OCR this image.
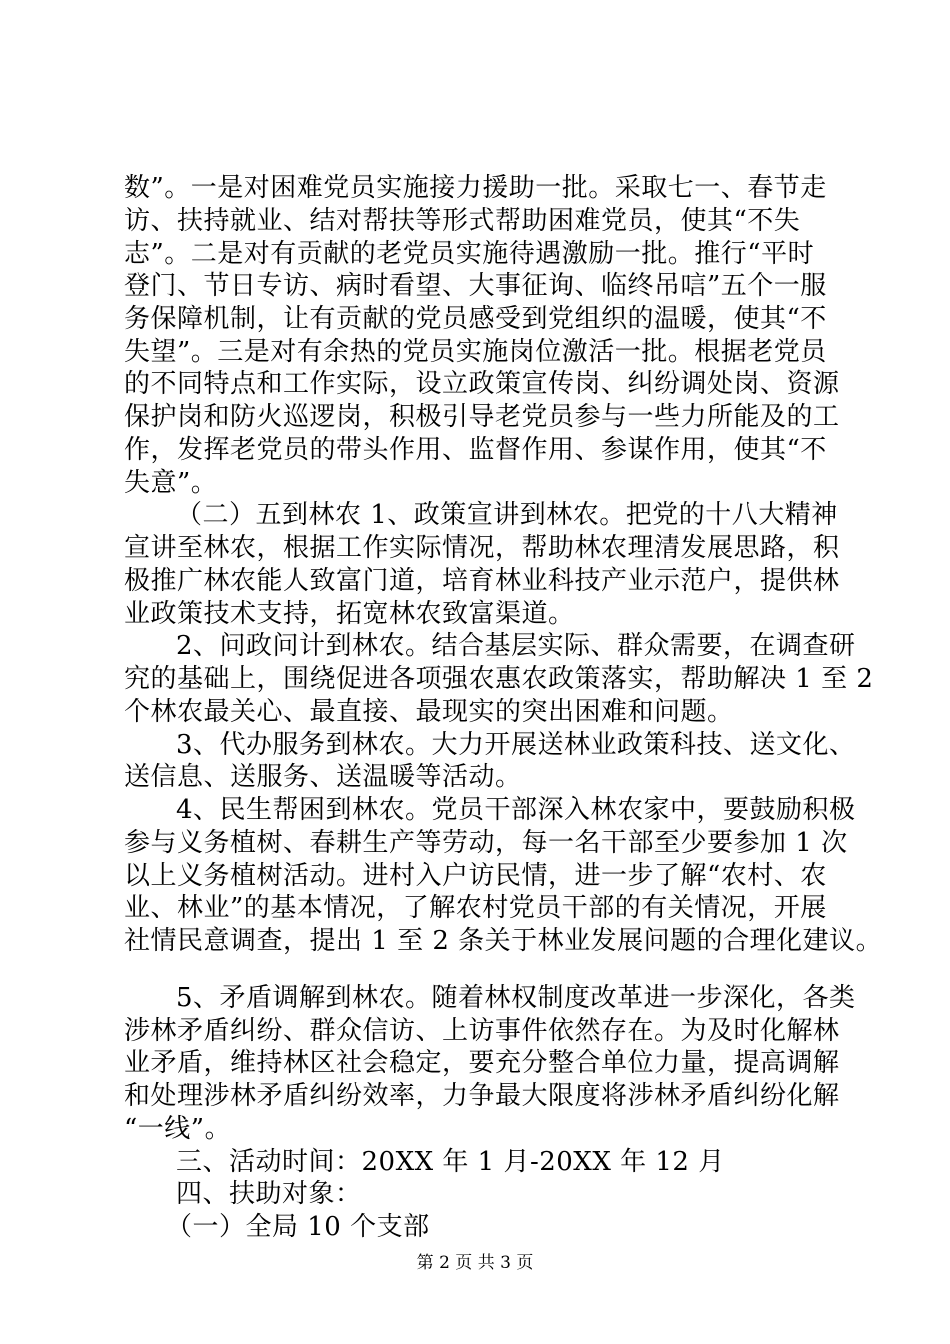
数”。一是对困难党员实施接力援助一批。采取七一、春节走
访、扶持就业、结对帮扶等形式帮助困难党员，使其“不失
志”。二是对有贡献的老党员实施待遇激励一批。推行“平时
登门、节日专访、病时看望、大事征询、临终吊唁”五个一服
务保障机制，让有贡献的党员感受到党组织的温暖，使其“不
失望”。三是对有余热的党员实施岗位激活一批。根据老党员
的不同特点和工作实际，设立政策宣传岗、纠纷调处岗、资源
保护岗和防火巡逻岗，积极引导老党员参与一些力所能及的工
作，发挥老党员的带头作用、监督作用、参谋作用，使其“不
失意”。
（二）五到林农 1、政策宣讲到林农。把党的十八大精神
宣讲至林农，根据工作实际情况，帮助林农理清发展思路，积
极推广林农能人致富门道，培育林业科技产业示范户，提供林
业政策技术支持，拓宽林农致富渠道。
2、问政问计到林农。结合基层实际、群众需要，在调查研
究的基础上，围绕促进各项强农惠农政策落实，帮助解决 1 至 2
个林农最关心、最直接、最现实的突出困难和问题。
3、代办服务到林农。大力开展送林业政策科技、送文化、
送信息、送服务、送温暖等活动。
4、民生帮困到林农。党员干部深入林农家中，要鼓励积极
参与义务植树、春耕生产等劳动，每一名干部至少要参加 1 次
以上义务植树活动。进村入户访民情，进一步了解“农村、农
业、林业”的基本情况，了解农村党员干部的有关情况，开展
社情民意调查，提出 1 至 2 条关于林业发展问题的合理化建议。
5、矛盾调解到林农。随着林权制度改革进一步深化，各类
涉林矛盾纠纷、群众信访、上访事件依然存在。为及时化解林
业矛盾，维持林区社会稳定，要充分整合单位力量，提高调解
和处理涉林矛盾纠纷效率，力争最大限度将涉林矛盾纠纷化解
“一线”。
三、活动时间：20XX 年 1 月-20XX 年 12 月
四、扶助对象：
（一）全局 10 个支部
第 2 页 共 3 页
